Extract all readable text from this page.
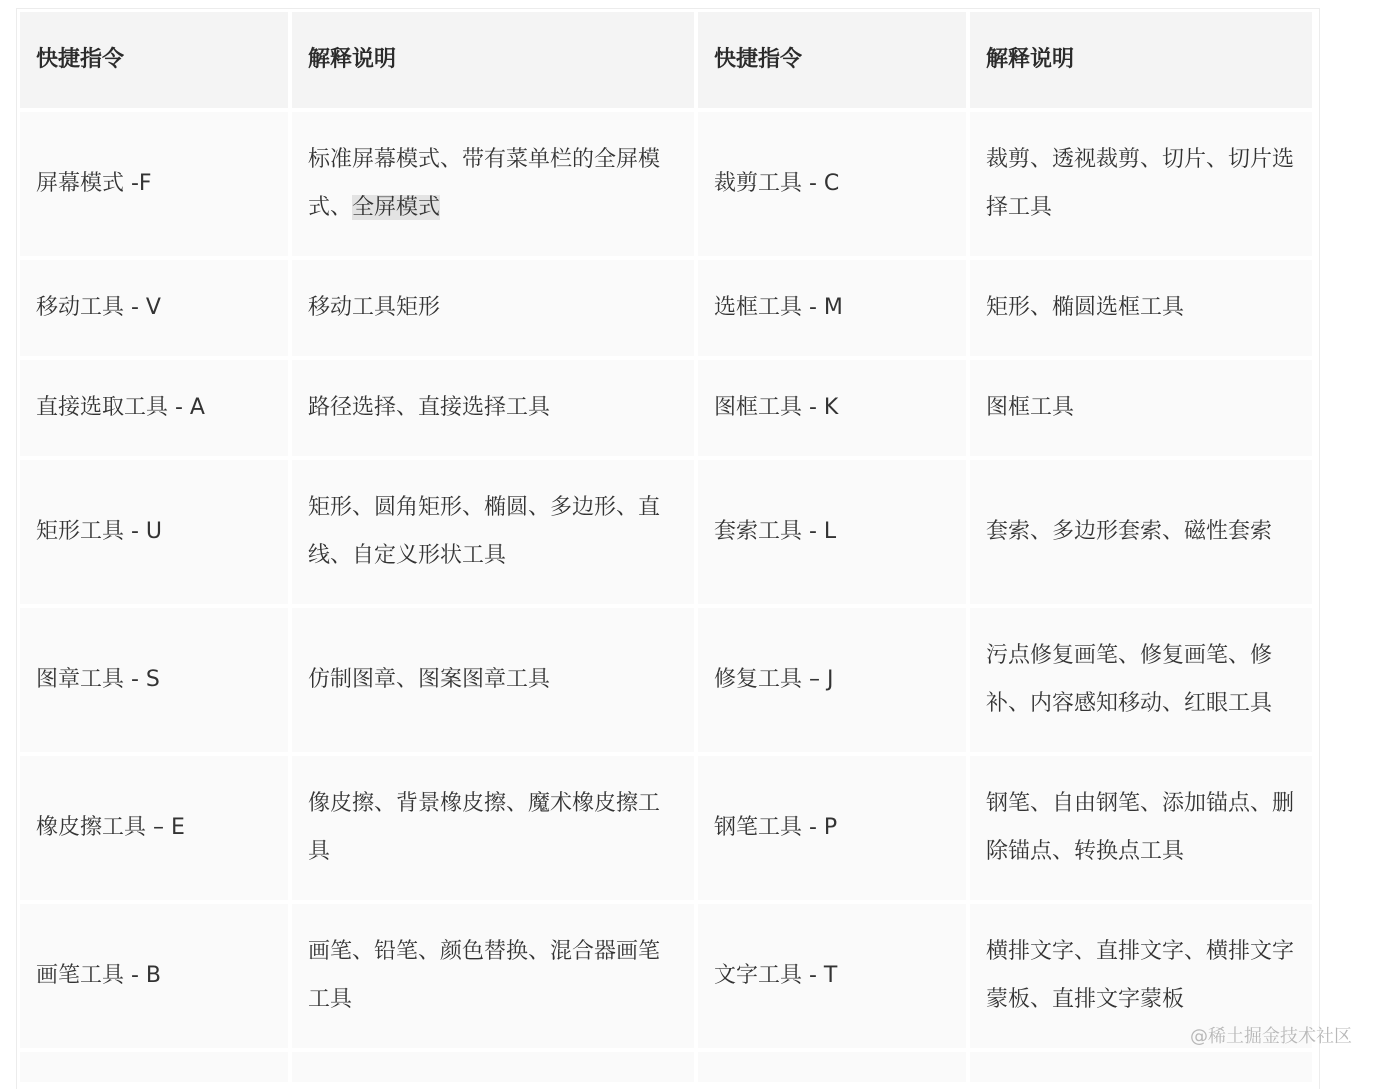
快捷指令	解释说明	快捷指令	解释说明
屏幕模式 -F	标准屏幕模式、带有菜单栏的全屏模式、全屏模式	裁剪工具 - C	裁剪、透视裁剪、切片、切片选择工具
移动工具 - V	移动工具矩形	选框工具 - M	矩形、椭圆选框工具
直接选取工具 - A	路径选择、直接选择工具	图框工具 - K	图框工具
矩形工具 - U	矩形、圆角矩形、椭圆、多边形、直线、自定义形状工具	套索工具 - L	套索、多边形套索、磁性套索
图章工具 - S	仿制图章、图案图章工具	修复工具 – J	污点修复画笔、修复画笔、修补、内容感知移动、红眼工具
橡皮擦工具 – E	像皮擦、背景橡皮擦、魔术橡皮擦工具	钢笔工具 - P	钢笔、自由钢笔、添加锚点、删除锚点、转换点工具
画笔工具 - B	画笔、铅笔、颜色替换、混合器画笔工具	文字工具 - T	横排文字、直排文字、横排文字蒙板、直排文字蒙板

@稀土掘金技术社区
